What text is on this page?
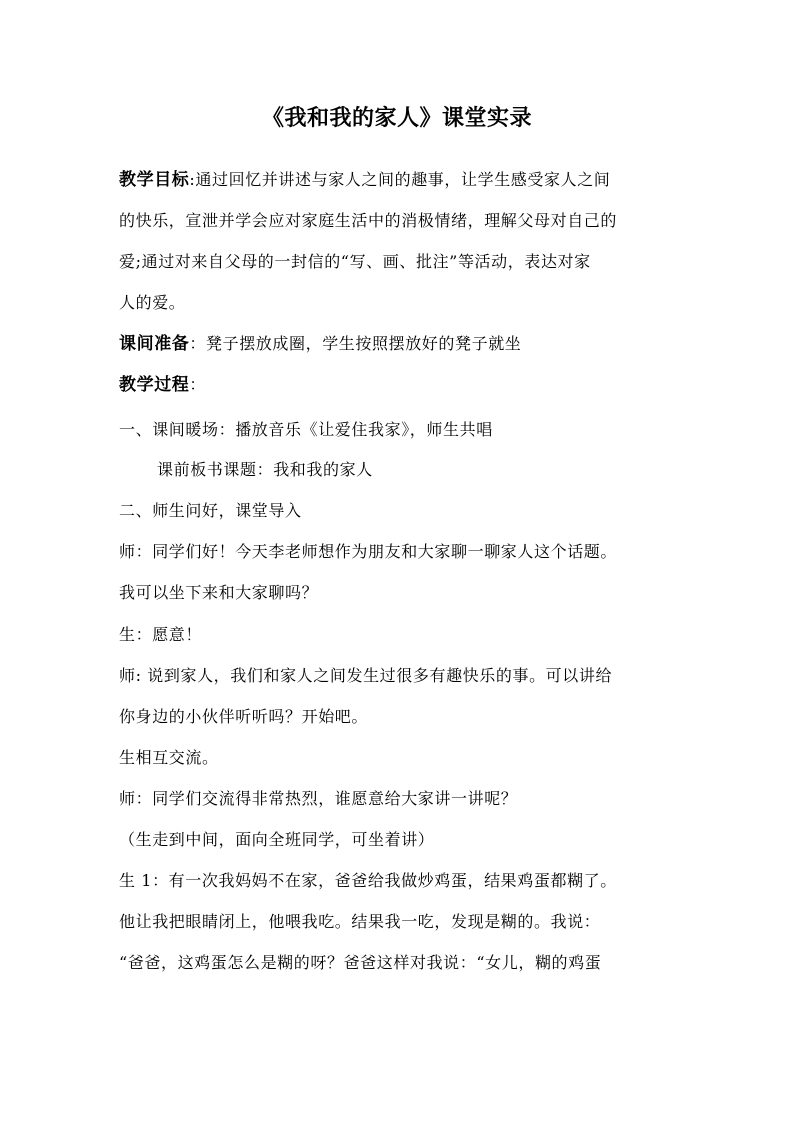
《我和我的家人》课堂实录
教学目标:通过回忆并讲述与家人之间的趣事，让学生感受家人之间
的快乐，宣泄并学会应对家庭生活中的消极情绪，理解父母对自己的
爱;通过对来自父母的一封信的“写、画、批注”等活动，表达对家
人的爱。
课间准备：凳子摆放成圈，学生按照摆放好的凳子就坐
教学过程：
一、课间暖场：播放音乐《让爱住我家》，师生共唱
课前板书课题：我和我的家人
二、师生问好，课堂导入
师：同学们好！今天李老师想作为朋友和大家聊一聊家人这个话题。
我可以坐下来和大家聊吗？
生：愿意！
师: 说到家人，我们和家人之间发生过很多有趣快乐的事。可以讲给
你身边的小伙伴听听吗？开始吧。
生相互交流。
师：同学们交流得非常热烈，谁愿意给大家讲一讲呢？
（生走到中间，面向全班同学，可坐着讲）
生 1：有一次我妈妈不在家，爸爸给我做炒鸡蛋，结果鸡蛋都糊了。
他让我把眼睛闭上，他喂我吃。结果我一吃，发现是糊的。我说：
“爸爸，这鸡蛋怎么是糊的呀？爸爸这样对我说：“女儿，糊的鸡蛋
